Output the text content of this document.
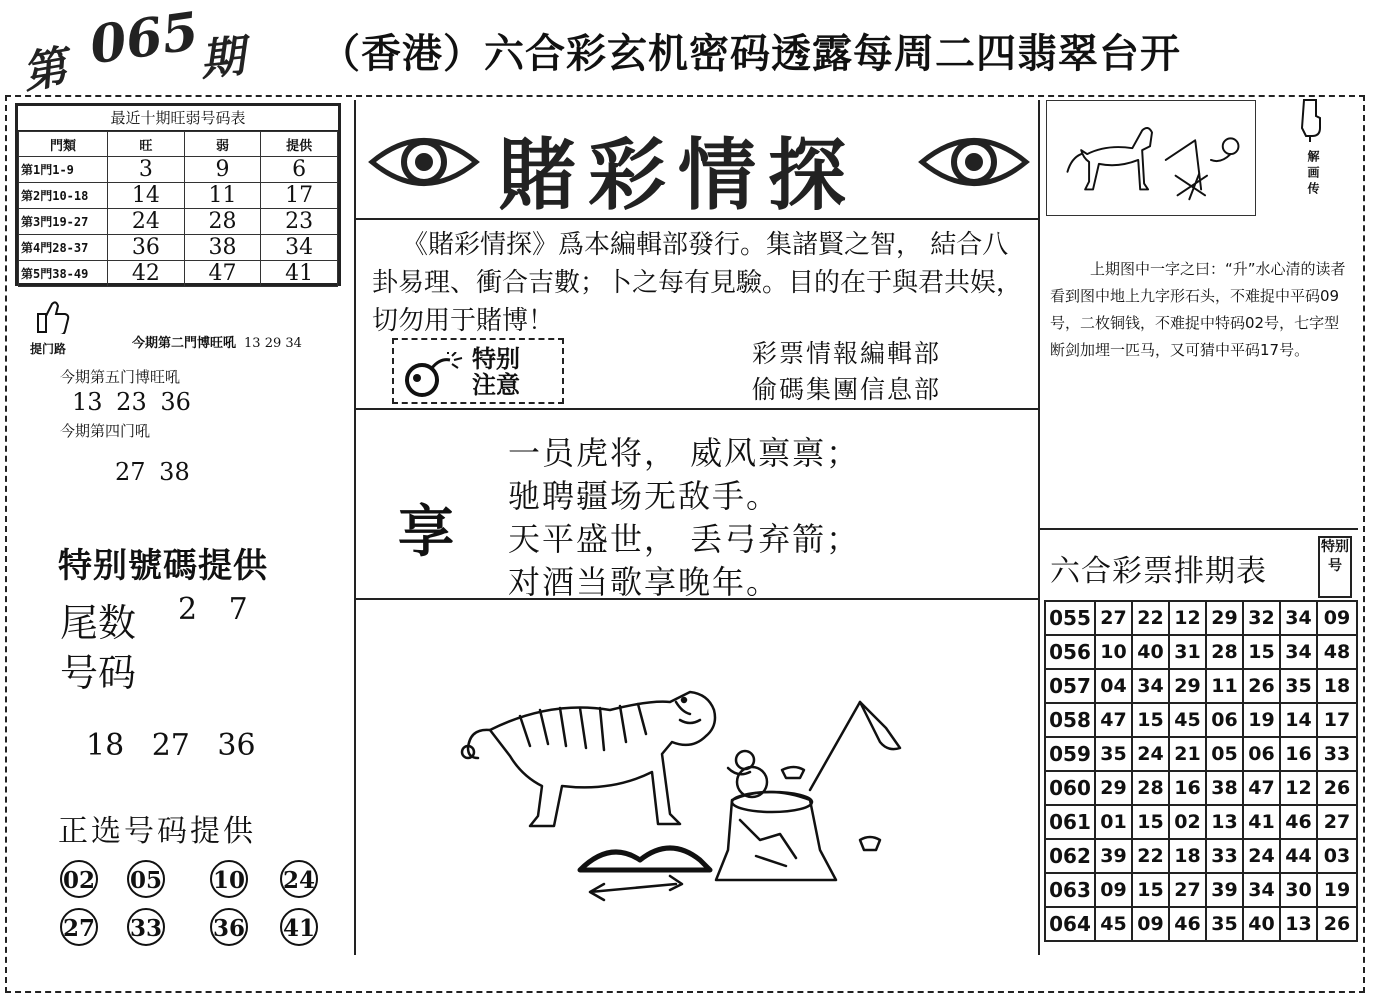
第 065
期 （香港）六合彩玄机密码透露每周二四翡翠台开
最近十期旺弱号码表
門類	旺	弱	提供
第1門1-9	3	9	6
第2門10-18	14	11	17
第3門19-27	24	28	23
第4門28-37	36	38	34
第5門38-49	42	47	41
提门路	今期第二門博旺吼 13 29 34
今期第五门博旺吼
13 23 36
今期第四门吼
27 38
特别號碼提供
尾数 2 7
号码
18 27 36
正选号码提供
02 05 10 24
27 33 36 41
賭彩情探
《賭彩情探》爲本編輯部發行。集諸賢之智， 結合八卦易理、衝合吉數；卜之每有見驗。目的在于與君共娱，切勿用于賭博！
特别
注意
彩票情報編輯部
偷碼集團信息部
享
一员虎将， 威风禀禀；
驰聘疆场无敌手。
天平盛世， 丢弓弃箭；
对酒当歌享晚年。
解画传
上期图中一字之曰：“升”水心清的读者看到图中地上九字形石头，不难捉中平码09号，二枚铜钱，不难捉中特码02号，七字型断剑加埋一匹马，又可猜中平码17号。
六合彩票排期表
特别号
055	27	22	12	29	32	34	09
056	10	40	31	28	15	34	48
057	04	34	29	11	26	35	18
058	47	15	45	06	19	14	17
059	35	24	21	05	06	16	33
060	29	28	16	38	47	12	26
061	01	15	02	13	41	46	27
062	39	22	18	33	24	44	03
063	09	15	27	39	34	30	19
064	45	09	46	35	40	13	26
